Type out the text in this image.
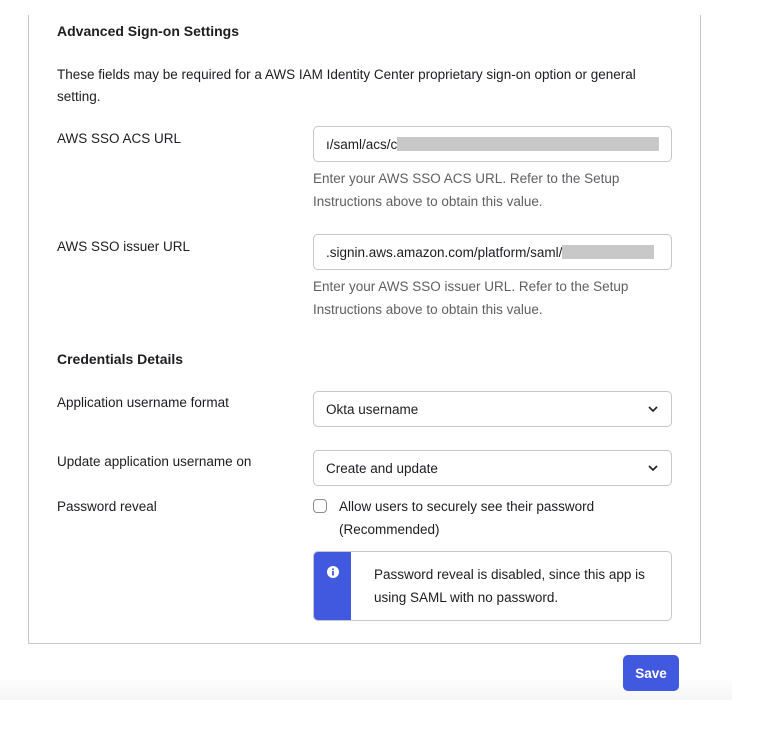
Advanced Sign-on Settings
These fields may be required for a AWS IAM Identity Center proprietary sign-on option or general setting.
AWS SSO ACS URL	ı/saml/acs/с
Enter your AWS SSO ACS URL. Refer to the Setup Instructions above to obtain this value.
AWS SSO issuer URL	.signin.aws.amazon.com/platform/saml/
Enter your AWS SSO issuer URL. Refer to the Setup Instructions above to obtain this value.
Credentials Details
Application username format	Okta username
Update application username on	Create and update
Password reveal	Allow users to securely see their password (Recommended)
Password reveal is disabled, since this app is using SAML with no password.
Save
